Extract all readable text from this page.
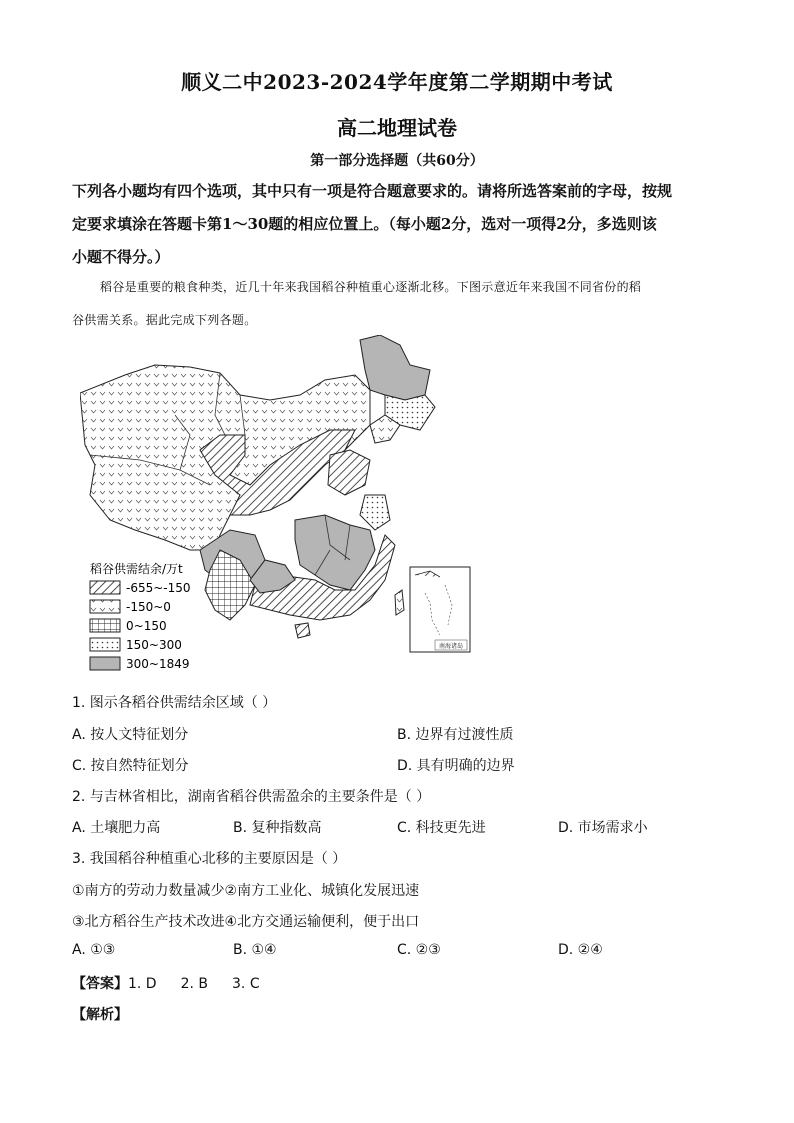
顺义二中2023-2024学年度第二学期期中考试
高二地理试卷
第一部分选择题（共60分）
下列各小题均有四个选项，其中只有一项是符合题意要求的。请将所选答案前的字母，按规
定要求填涂在答题卡第1～30题的相应位置上。（每小题2分，选对一项得2分，多选则该
小题不得分。）
稻谷是重要的粮食种类，近几十年来我国稻谷种植重心逐渐北移。下图示意近年来我国不同省份的稻
谷供需关系。据此完成下列各题。
南海诸岛
稻谷供需结余/万t
-655~-150
-150~0
0~150
150~300
300~1849
1. 图示各稻谷供需结余区域（ ）
A. 按人文特征划分	B. 边界有过渡性质
C. 按自然特征划分	D. 具有明确的边界
2. 与吉林省相比，湖南省稻谷供需盈余的主要条件是（ ）
A. 土壤肥力高	B. 复种指数高	C. 科技更先进	D. 市场需求小
3. 我国稻谷种植重心北移的主要原因是（ ）
①南方的劳动力数量减少②南方工业化、城镇化发展迅速
③北方稻谷生产技术改进④北方交通运输便利，便于出口
A. ①③	B. ①④	C. ②③	D. ②④
【答案】1. D 2. B 3. C
【解析】
